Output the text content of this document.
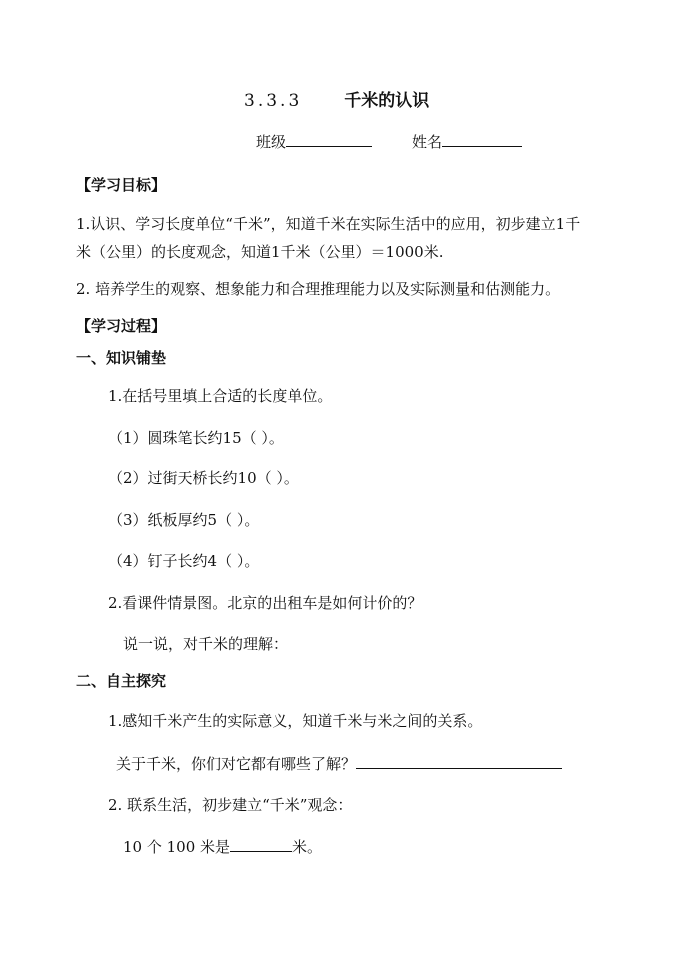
3.3.3 千米的认识
班级	姓名
【学习目标】
1.认识、学习长度单位“千米”，知道千米在实际生活中的应用，初步建立1千
米（公里）的长度观念，知道1千米（公里）＝1000米.
2. 培养学生的观察、想象能力和合理推理能力以及实际测量和估测能力。
【学习过程】
一、知识铺垫
1.在括号里填上合适的长度单位。
（1）圆珠笔长约15（ ）。
（2）过街天桥长约10（ ）。
（3）纸板厚约5（ ）。
（4）钉子长约4（ ）。
2.看课件情景图。北京的出租车是如何计价的？
说一说，对千米的理解：
二、自主探究
1.感知千米产生的实际意义，知道千米与米之间的关系。
关于千米，你们对它都有哪些了解？
2. 联系生活，初步建立“千米”观念：
10 个 100 米是	米。
